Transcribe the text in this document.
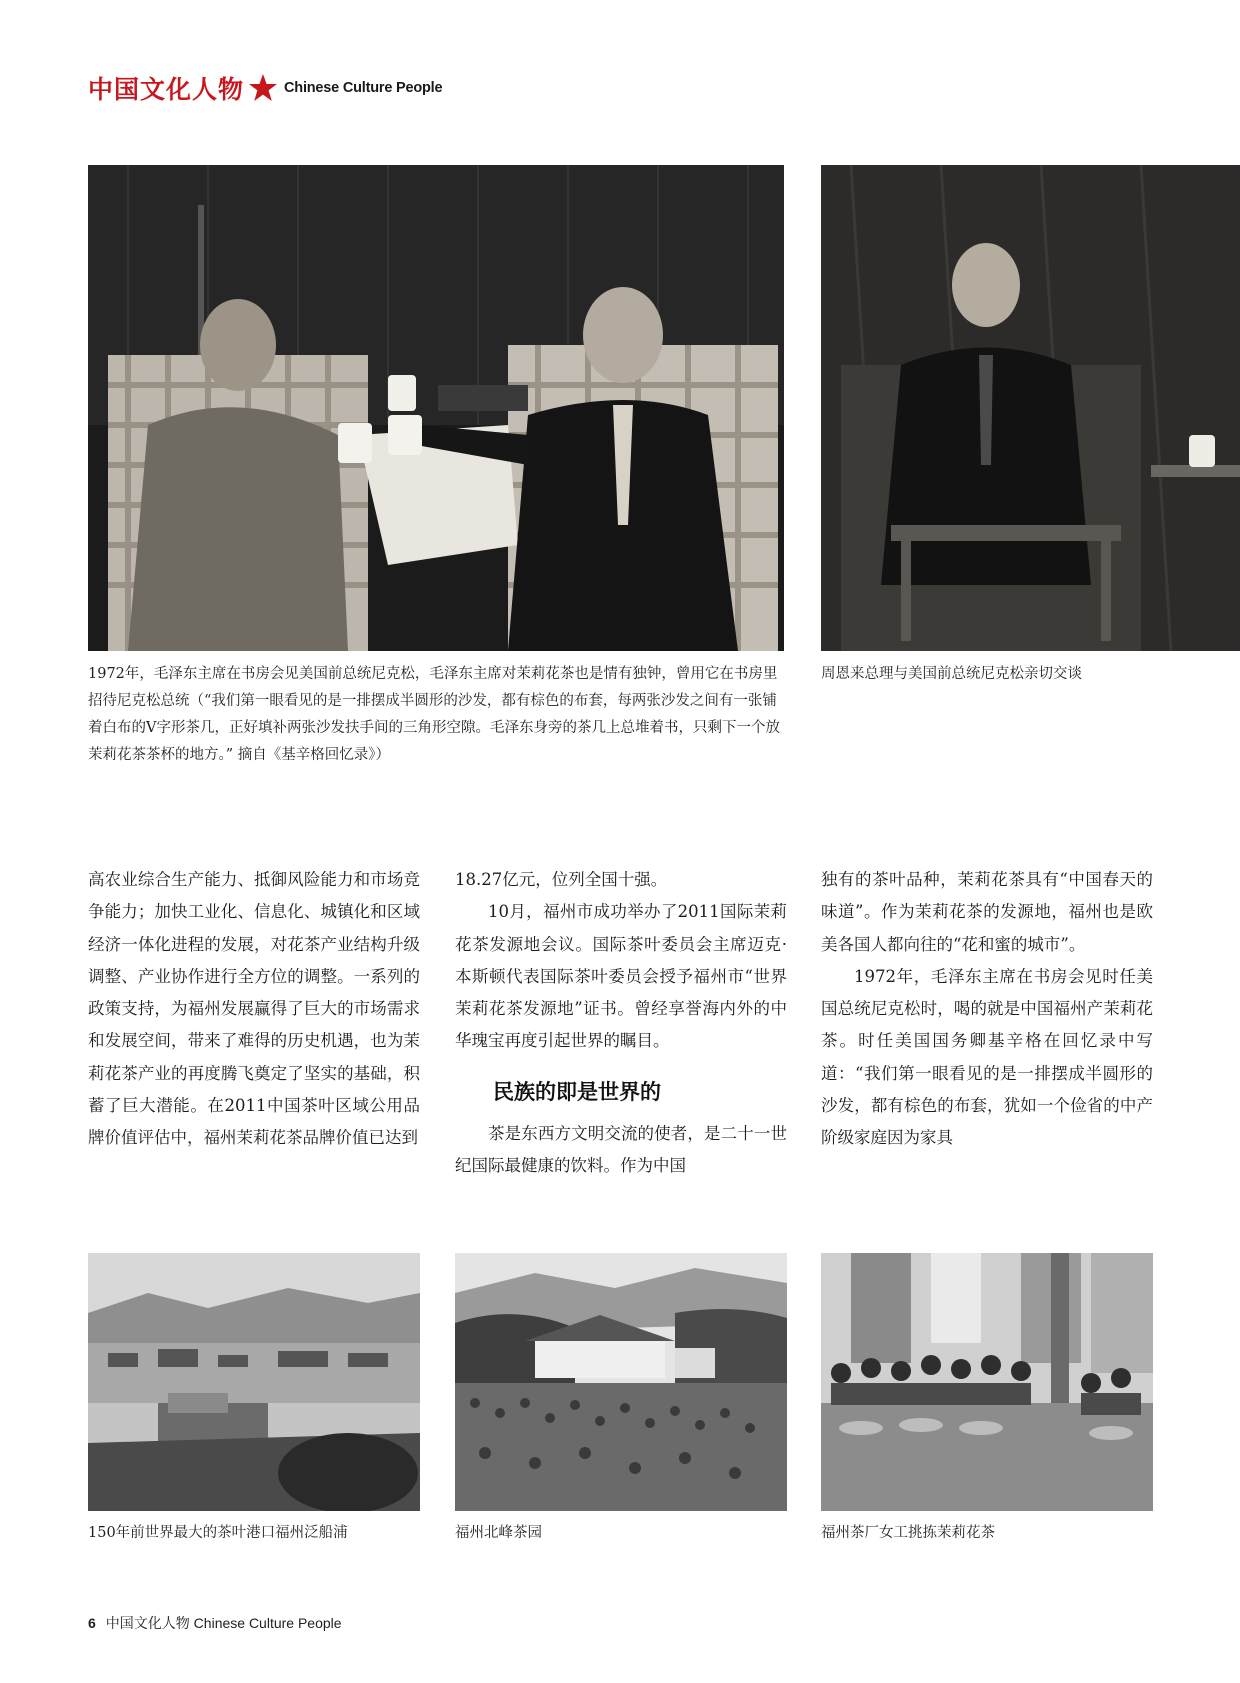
中国文化人物	Chinese Culture People
1972年，毛泽东主席在书房会见美国前总统尼克松，毛泽东主席对茉莉花茶也是情有独钟，曾用它在书房里招待尼克松总统（“我们第一眼看见的是一排摆成半圆形的沙发，都有棕色的布套，每两张沙发之间有一张铺着白布的V字形茶几，正好填补两张沙发扶手间的三角形空隙。毛泽东身旁的茶几上总堆着书，只剩下一个放茉莉花茶茶杯的地方。” 摘自《基辛格回忆录》）
周恩来总理与美国前总统尼克松亲切交谈

高农业综合生产能力、抵御风险能力和市场竞争能力；加快工业化、信息化、城镇化和区域经济一体化进程的发展，对花茶产业结构升级调整、产业协作进行全方位的调整。一系列的政策支持，为福州发展赢得了巨大的市场需求和发展空间，带来了难得的历史机遇，也为茉莉花茶产业的再度腾飞奠定了坚实的基础，积蓄了巨大潜能。在2011中国茶叶区域公用品牌价值评估中，福州茉莉花茶品牌价值已达到

18.27亿元，位列全国十强。

10月，福州市成功举办了2011国际茉莉花茶发源地会议。国际茶叶委员会主席迈克·本斯顿代表国际茶叶委员会授予福州市“世界茉莉花茶发源地”证书。曾经享誉海内外的中华瑰宝再度引起世界的瞩目。

民族的即是世界的

茶是东西方文明交流的使者，是二十一世纪国际最健康的饮料。作为中国

独有的茶叶品种，茉莉花茶具有“中国春天的味道”。作为茉莉花茶的发源地，福州也是欧美各国人都向往的“花和蜜的城市”。

1972年，毛泽东主席在书房会见时任美国总统尼克松时，喝的就是中国福州产茉莉花茶。时任美国国务卿基辛格在回忆录中写道：“我们第一眼看见的是一排摆成半圆形的沙发，都有棕色的布套，犹如一个俭省的中产阶级家庭因为家具

150年前世界最大的茶叶港口福州泛船浦	福州北峰茶园	福州茶厂女工挑拣茉莉花茶
6 中国文化人物 Chinese Culture People
